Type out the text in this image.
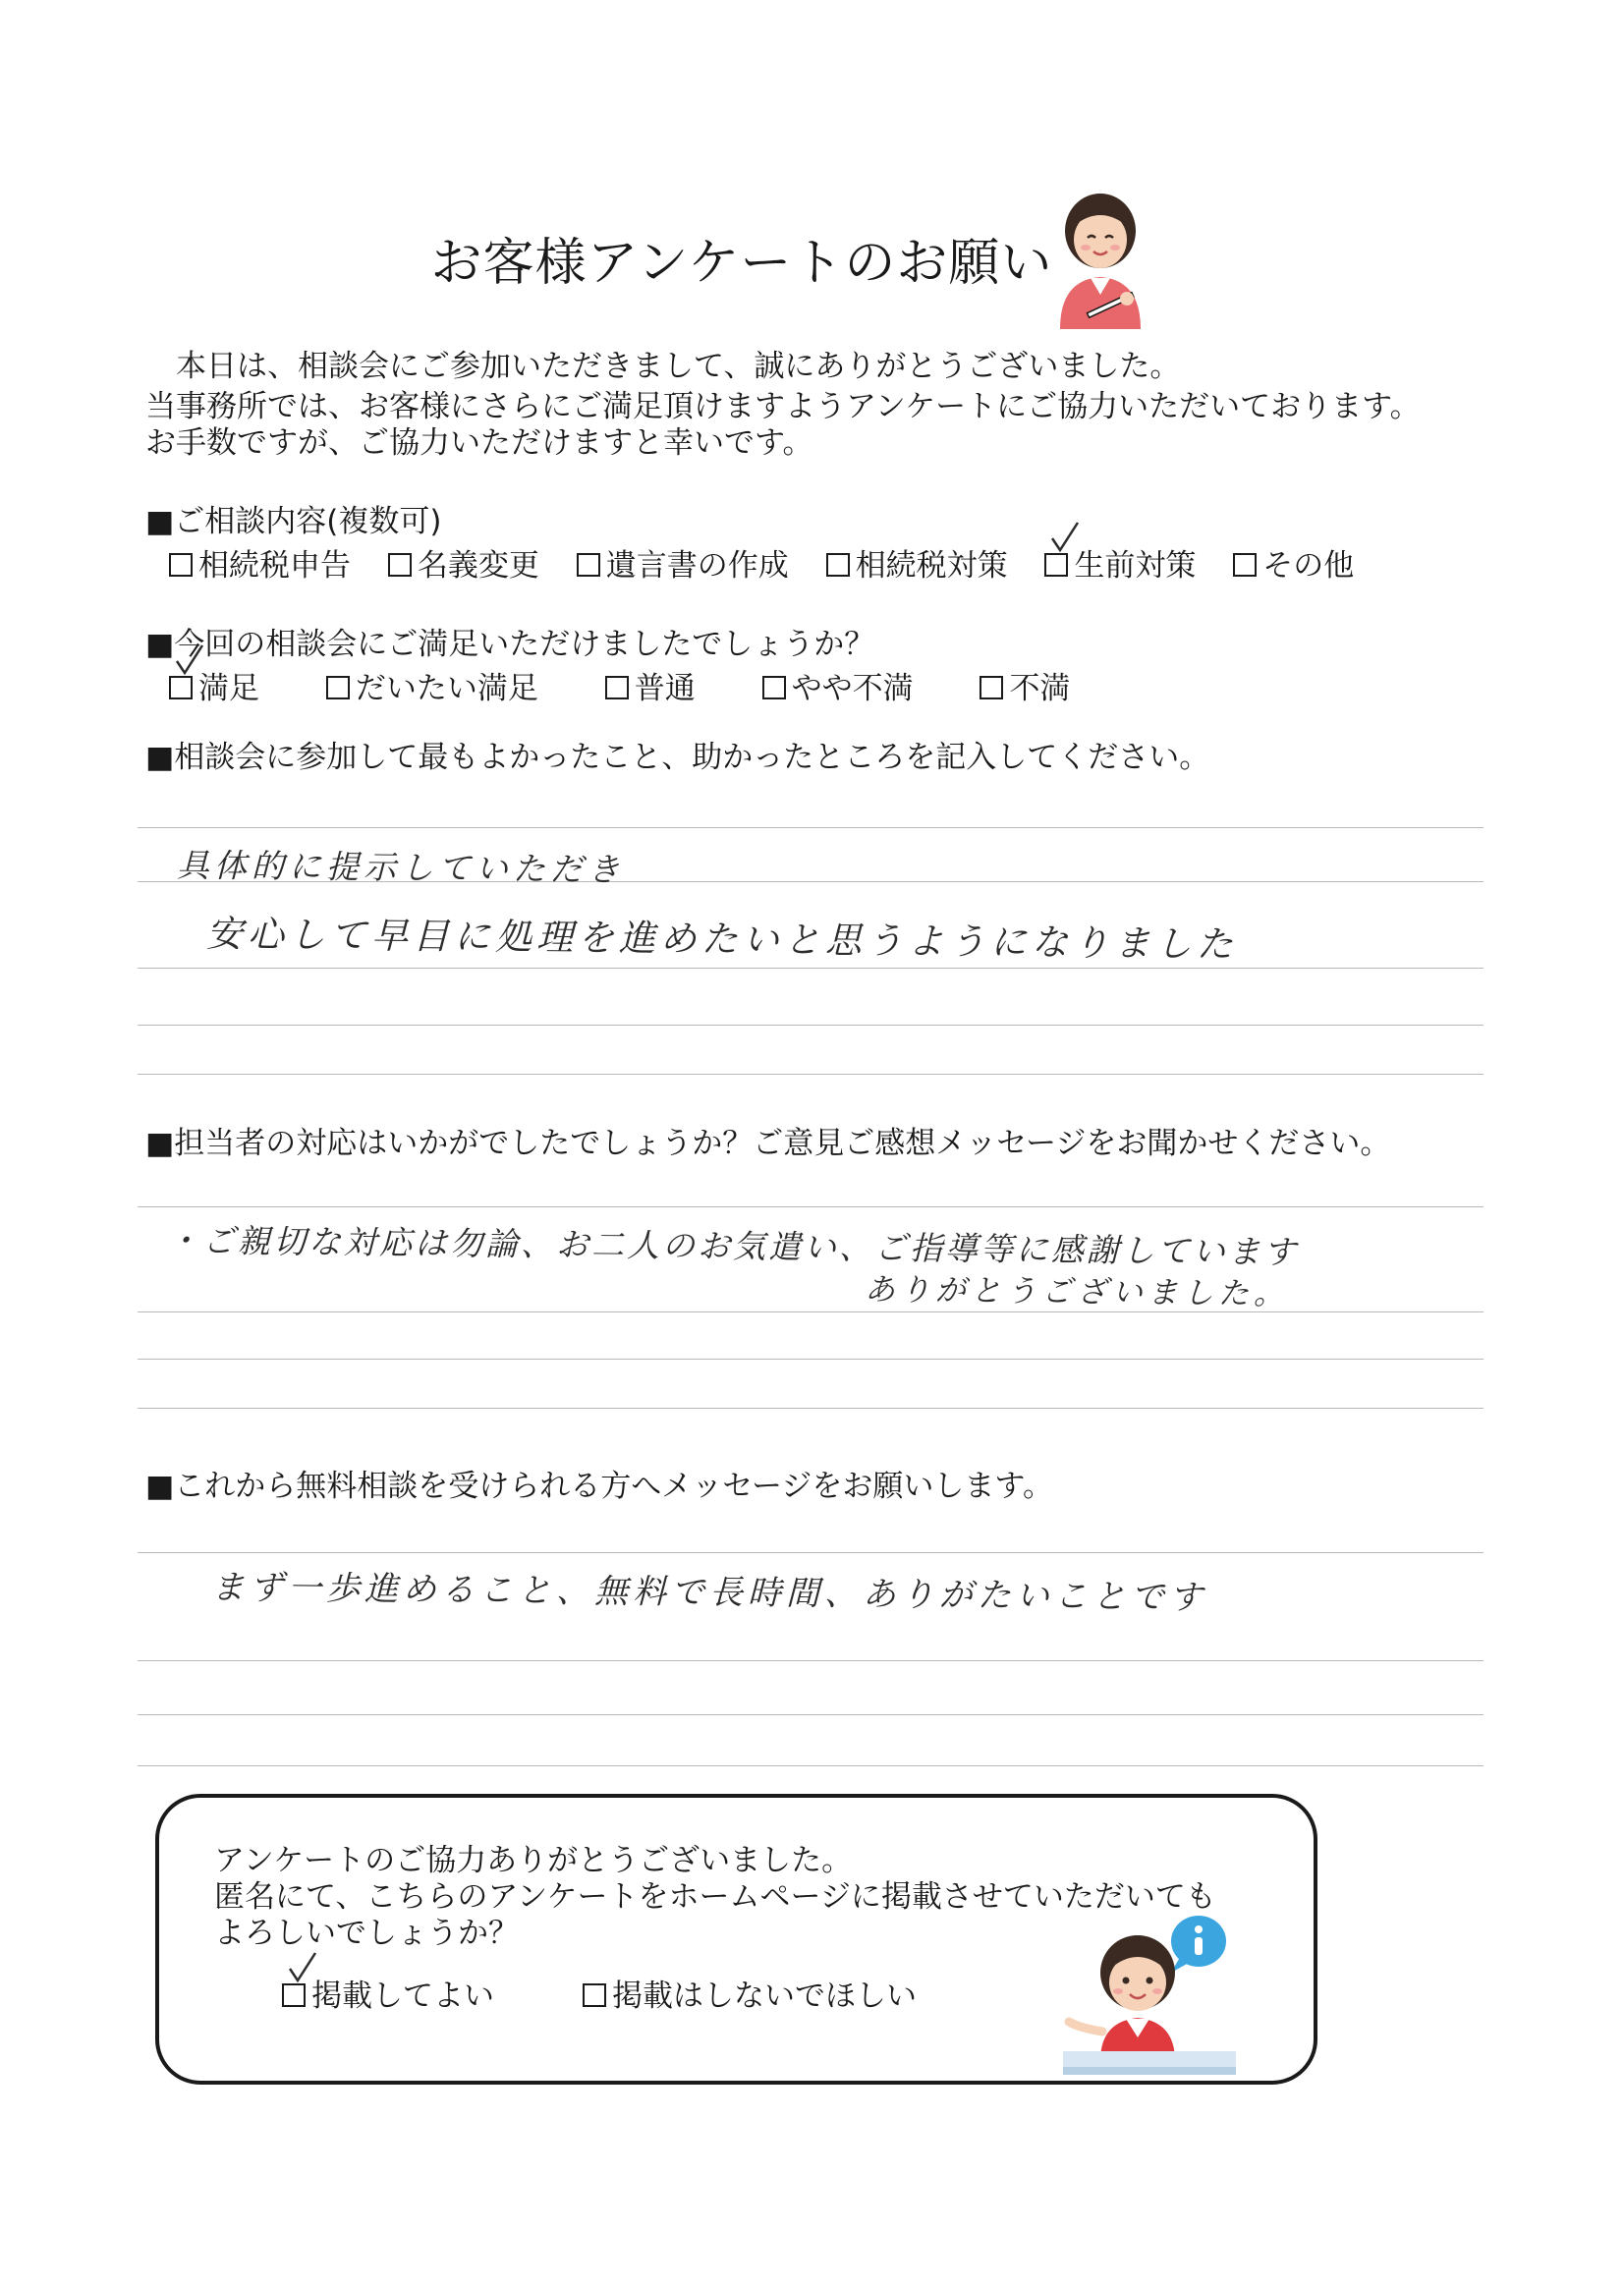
お客様アンケートのお願い
　本日は、相談会にご参加いただきまして、誠にありがとうございました。
当事務所では、お客様にさらにご満足頂けますようアンケートにご協力いただいております。
お手数ですが、ご協力いただけますと幸いです。
■ご相談内容(複数可)
相続税申告 名義変更 遺言書の作成 相続税対策 生前対策 その他
■今回の相談会にご満足いただけましたでしょうか？
満足	だいたい満足	普通	やや不満	不満
■相談会に参加して最もよかったこと、助かったところを記入してください。
具体的に提示していただき
安心して早目に処理を進めたいと思うようになりました
■担当者の対応はいかがでしたでしょうか？ご意見ご感想メッセージをお聞かせください。
・ご親切な対応は勿論、お二人のお気遣い、ご指導等に感謝しています
ありがとうございました。
■これから無料相談を受けられる方へメッセージをお願いします。
まず一歩進めること、無料で長時間、ありがたいことです
アンケートのご協力ありがとうございました。
匿名にて、こちらのアンケートをホームページに掲載させていただいても
よろしいでしょうか？
掲載してよい	掲載はしないでほしい
